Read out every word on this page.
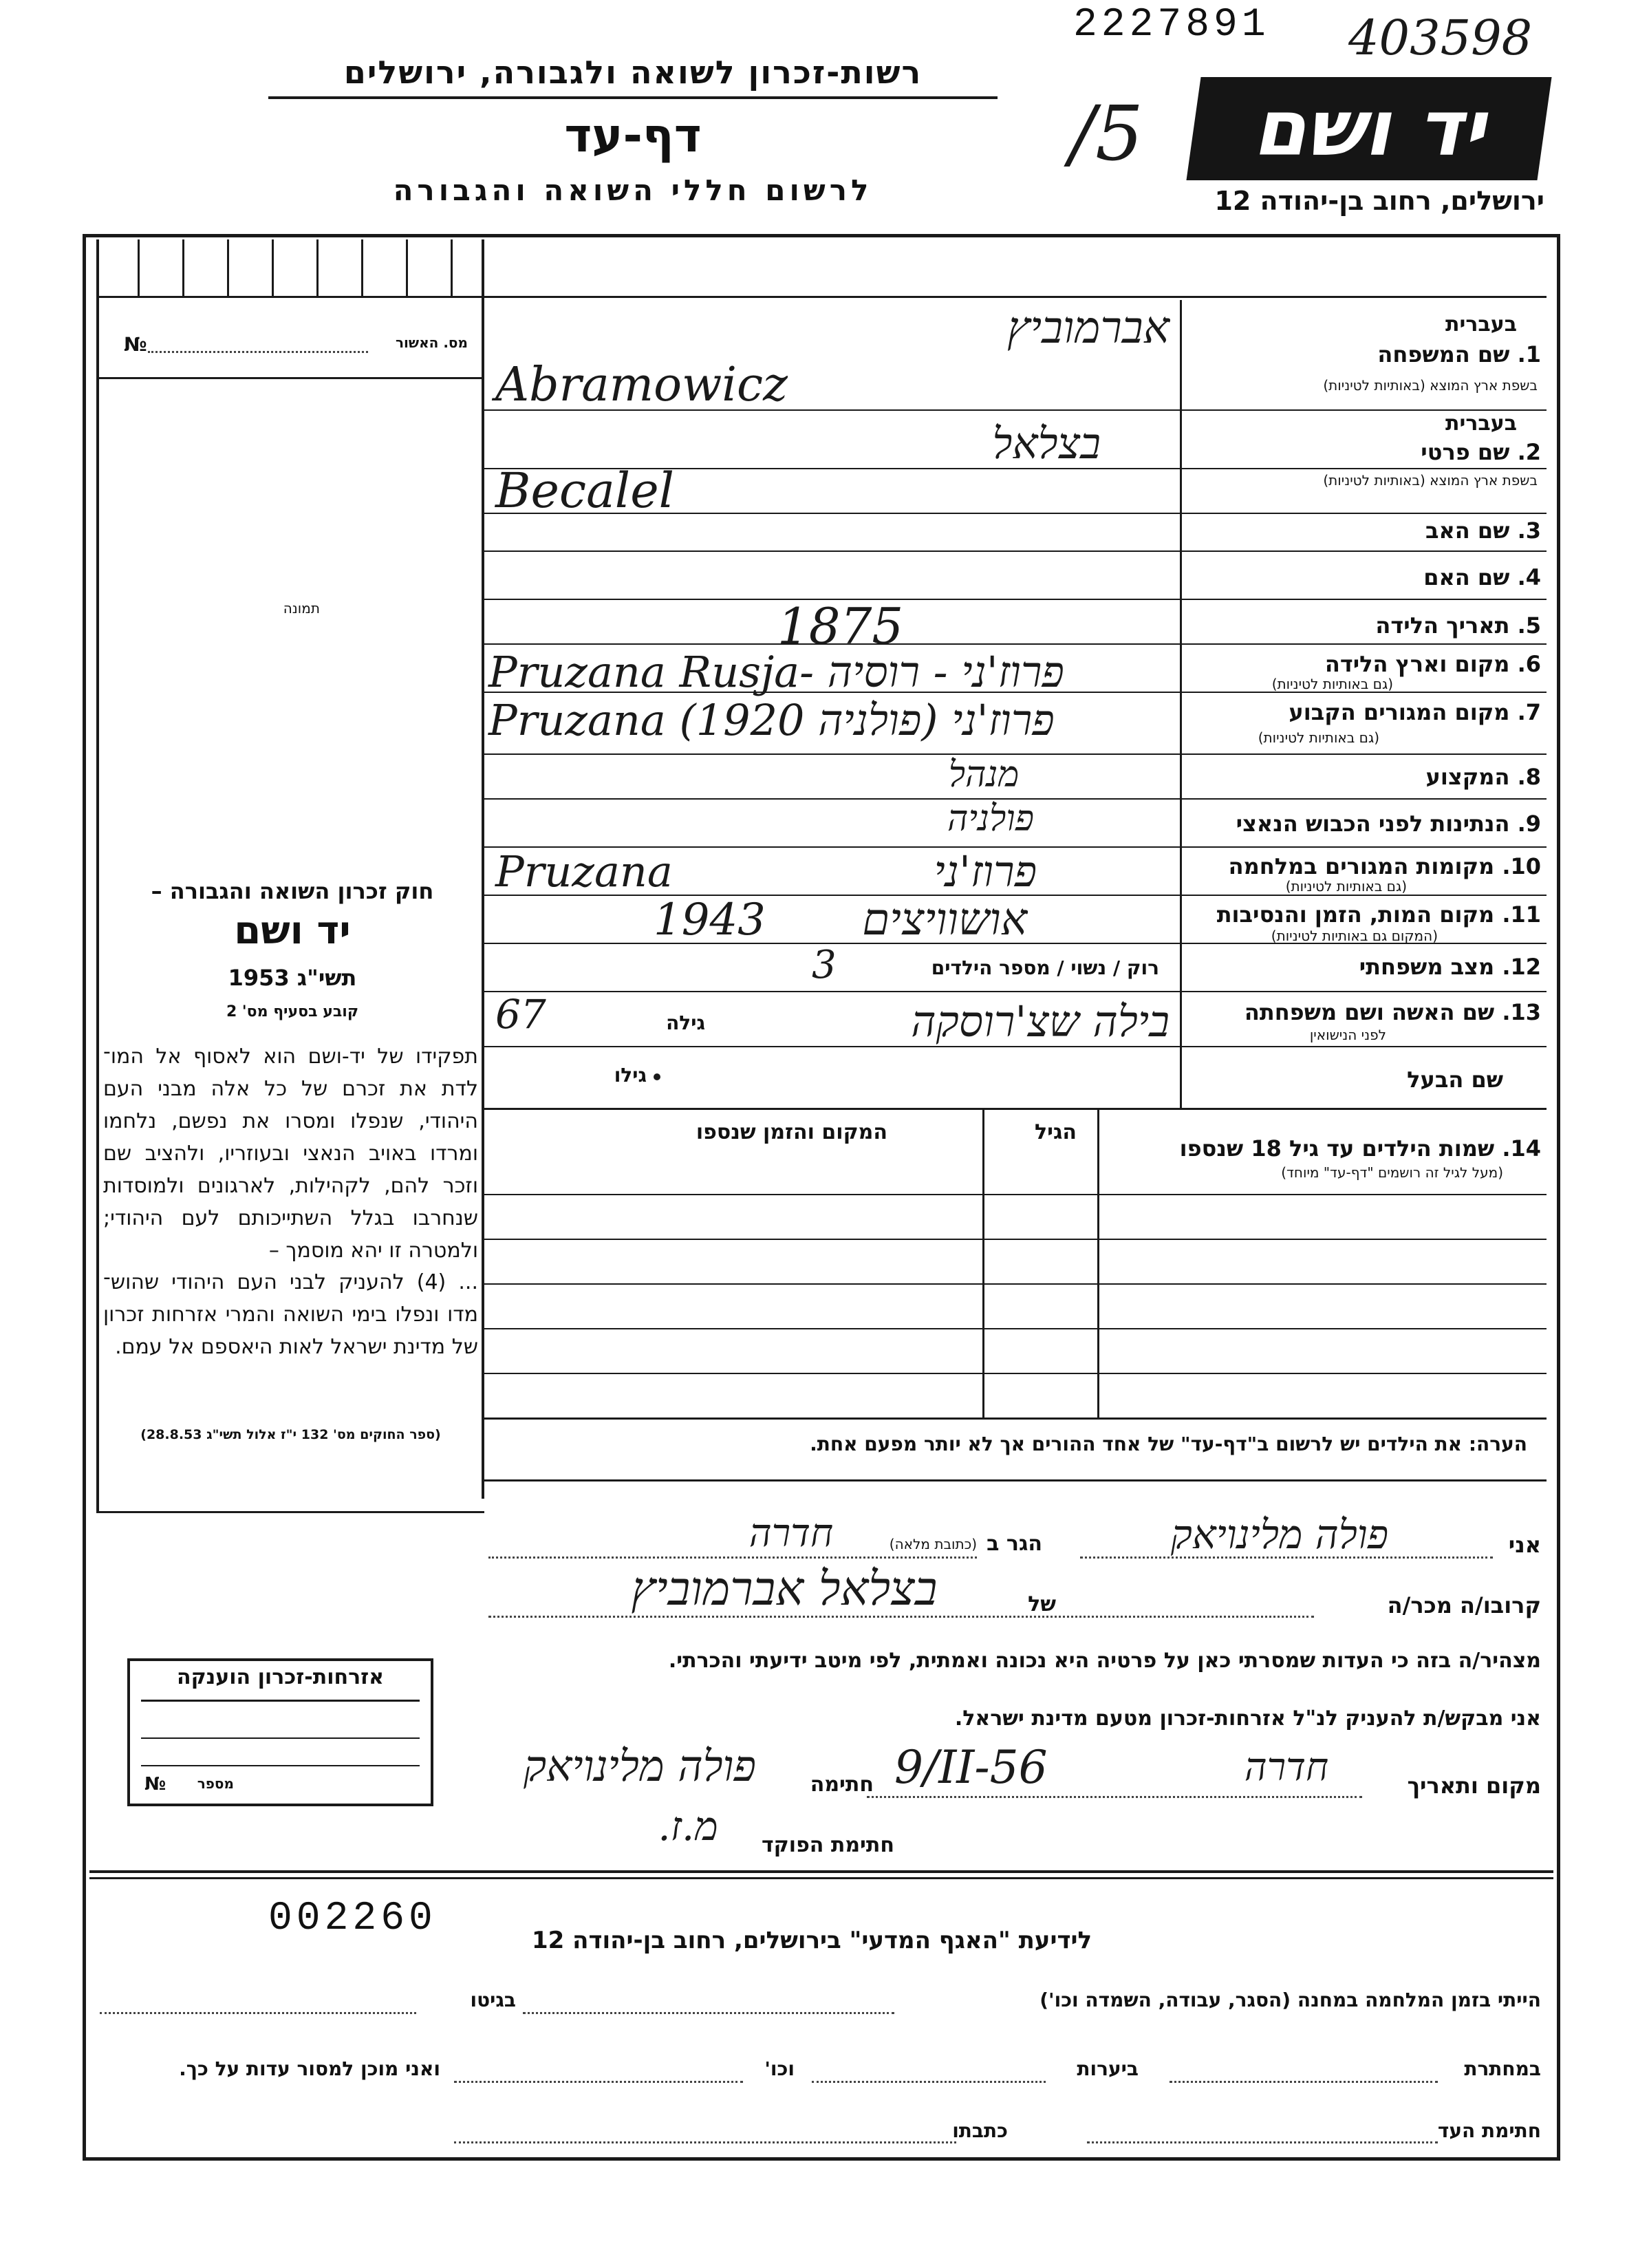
2227891 403598
רשות-זכרון לשואה ולגבורה, ירושלים
דף-עד
לרשום חללי השואה והגבורה
יד ושם
/5
ירושלים, רחוב בן-יהודה 12
№	מס. האשור
תמונה
חוק זכרון השואה והגבורה –
יד ושם
תשי"ג 1953
קובע בסעיף מס' 2
תפקידו של יד-ושם הוא לאסוף אל המו־ לדת את זכרם של כל אלה מבני העם היהודי, שנפלו ומסרו את נפשם, נלחמו ומרדו באויב הנאצי ובעוזריו, ולהציב שם וזכר להם, לקהילות, לארגונים ולמוסדות שנחרבו בגלל השתייכותם לעם היהודי; ולמטרה זו יהא מוסמך –
... (4) להעניק לבני העם היהודי שהוש־ מדו ונפלו בימי השואה והמרי אזרחות זכרון של מדינת ישראל לאות היאספם אל עמם.
(ספר החוקים מס' 132 י"ז אלול תשי"ג 28.8.53)
בעברית
1. שם המשפחה
בשפת ארץ המוצא (באותיות לטיניות)
אברמוביץ
Abramowicz
בעברית
2. שם פרטי
בשפת ארץ המוצא (באותיות לטיניות)
בצלאל
Becalel
3. שם האב
4. שם האם
5. תאריך הלידה
1875
6. מקום וארץ הלידה
(גם באותיות לטיניות)
Pruzana Rusja- פרוז'ני - רוסיה
7. מקום המגורים הקבוע
(גם באותיות לטיניות)
Pruzana (1920 פולניה) פרוז'ני
8. המקצוע
מנהל
9. הנתינות לפני הכבוש הנאצי
פולניה
10. מקומות המגורים במלחמה
(גם באותיות לטיניות)
Pruzana פרוז'ני
11. מקום המות, הזמן והנסיבות
(המקום גם באותיות לטיניות)
1943 אושוויצים
12. מצב משפחתי
רוק / נשוי / מספר הילדים
3
13. שם האשה ושם משפחתה
לפני הנישואין
גילה
67	בילה שצ'רוסקה
שם הבעל
גילו
14. שמות הילדים עד גיל 18 שנספו
(מעל לגיל זה רושמים "דף-עד" מיוחד)
הגיל
המקום והזמן שנספו
הערה: את הילדים יש לרשום ב"דף-עד" של אחד ההורים אך לא יותר מפעם אחת.
אני
פולה מלינויאק
הגר ב
(כתובת מלאה)
חדרה
קרובו/ה מכר/ה
בצלאל אברמוביץ	של
מצהיר/ה בזה כי העדות שמסרתי כאן על פרטיה היא נכונה ואמתית, לפי מיטב ידיעתי והכרתי.
אני מבקש/ת להעניק לנ"ל אזרחות-זכרון מטעם מדינת ישראל.
מקום ותאריך
חדרה
9/II-56
חתימה
פולה מלינויאק
חתימת הפוקד
מ.ז.
אזרחות-זכרון הוענקה
№ מספר
002260	לידיעת "האגף המדעי" בירושלים, רחוב בן-יהודה 12
הייתי בזמן המלחמה במחנה (הסגר, עבודה, השמדה וכו')
בגיטו
במחתרת
ביערות
וכו'
ואני מוכן למסור עדות על כך.
חתימת העד
כתבתו
